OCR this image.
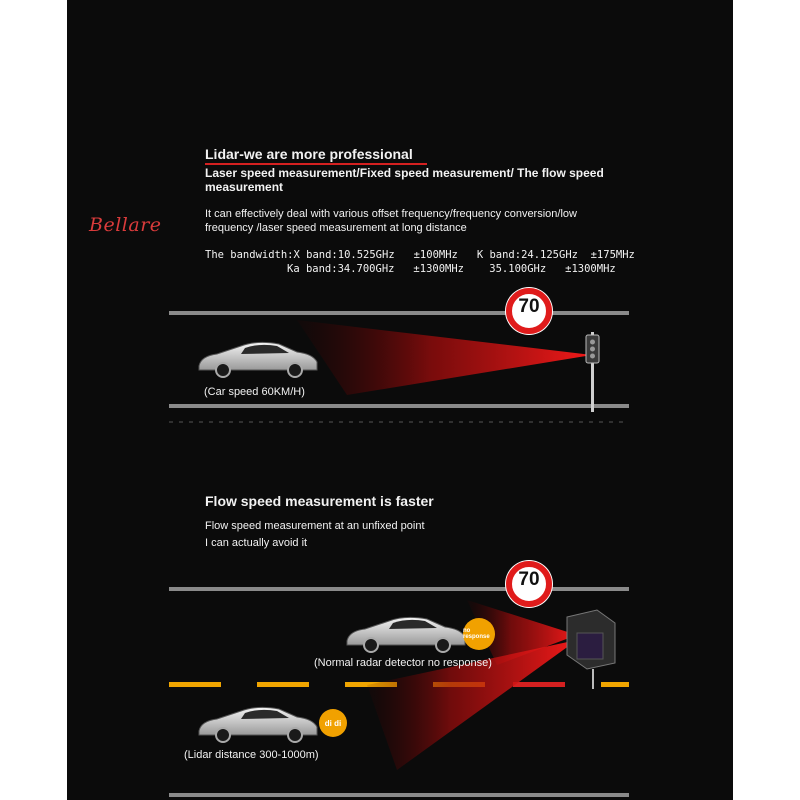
Lidar-we are more professional
Laser speed measurement/Fixed speed measurement/ The flow speed measurement
It can effectively deal with various offset frequency/frequency conversion/low frequency /laser speed measurement at long distance
The bandwidth:X band:10.525GHz   ±100MHz   K band:24.125GHz  ±175MHz
Ka band:34.700GHz   ±1300MHz    35.100GHz   ±1300MHz
70
(Car speed 60KM/H)
Flow speed measurement is faster
Flow speed measurement at an unfixed point
I can actually avoid it
70
no response
(Normal radar detector no response)
di di
(Lidar distance 300-1000m)
Bellare
